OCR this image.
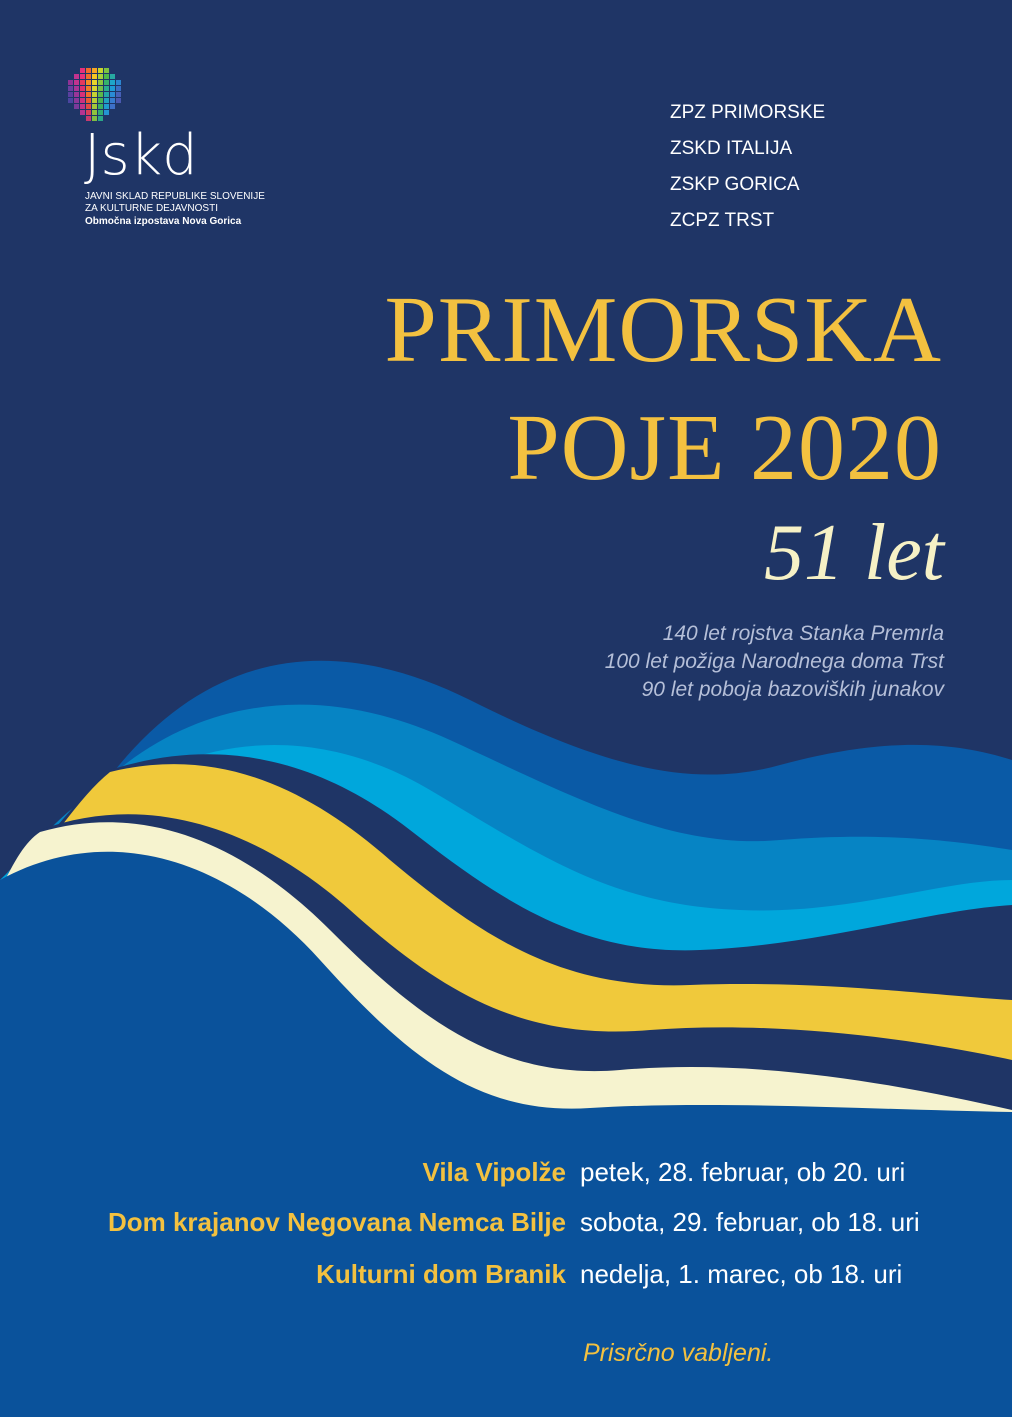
Jskd
JAVNI SKLAD REPUBLIKE SLOVENIJE
ZA KULTURNE DEJAVNOSTI
Območna izpostava Nova Gorica
ZPZ PRIMORSKE
ZSKD ITALIJA
ZSKP GORICA
ZCPZ TRST
PRIMORSKA
POJE 2020
51 let
140 let rojstva Stanka Premrla
100 let požiga Narodnega doma Trst
90 let poboja bazoviških junakov
Vila Vipolže petek, 28. februar, ob 20. uri
Dom krajanov Negovana Nemca Bilje sobota, 29. februar, ob 18. uri
Kulturni dom Branik nedelja, 1. marec, ob 18. uri
Prisrčno vabljeni.
